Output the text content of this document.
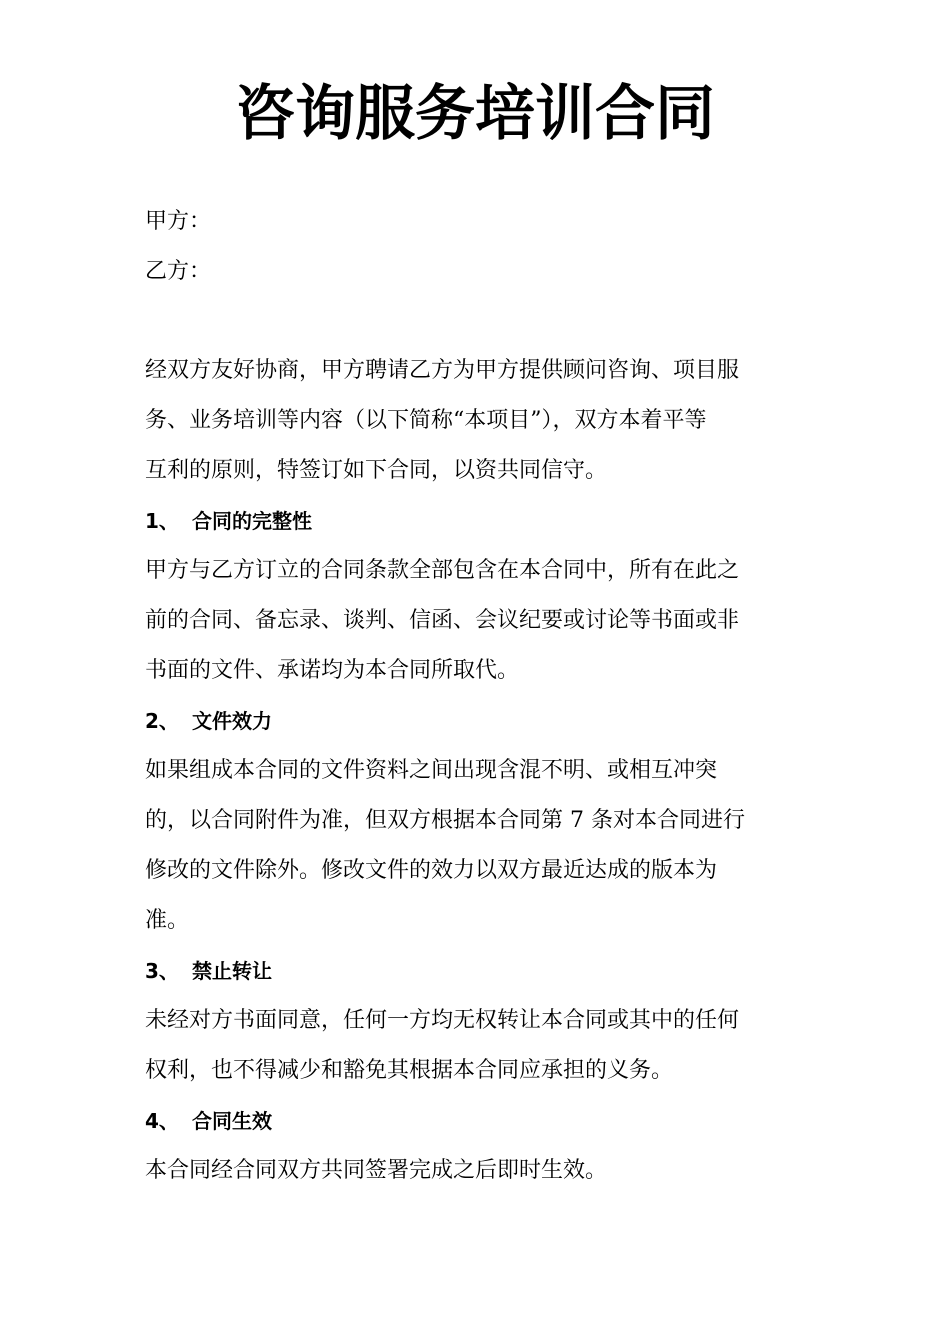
咨询服务培训合同

甲方：

乙方：

经双方友好协商，甲方聘请乙方为甲方提供顾问咨询、项目服
务、业务培训等内容（以下简称“本项目”），双方本着平等
互利的原则，特签订如下合同，以资共同信守。
1、 合同的完整性
甲方与乙方订立的合同条款全部包含在本合同中，所有在此之
前的合同、备忘录、谈判、信函、会议纪要或讨论等书面或非
书面的文件、承诺均为本合同所取代。
2、 文件效力
如果组成本合同的文件资料之间出现含混不明、或相互冲突
的，以合同附件为准，但双方根据本合同第 7 条对本合同进行
修改的文件除外。修改文件的效力以双方最近达成的版本为
准。
3、 禁止转让
未经对方书面同意，任何一方均无权转让本合同或其中的任何
权利，也不得减少和豁免其根据本合同应承担的义务。
4、 合同生效
本合同经合同双方共同签署完成之后即时生效。
